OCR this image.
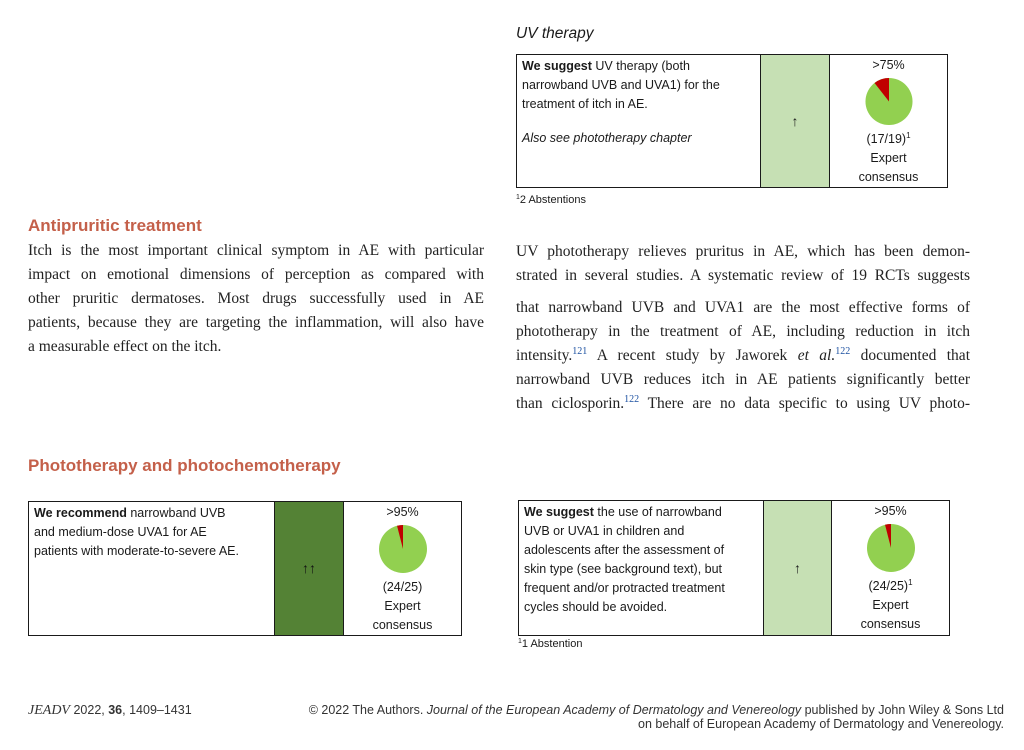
UV therapy
We suggest UV therapy (both
narrowband UVB and UVA1) for the
treatment of itch in AE.
Also see phototherapy chapter
↑
>75%
$(17/19)^1$
Expert
consensus
$^1$2 Abstentions
Antipruritic treatment
Itch is the most important clinical symptom in AE with particular
impact on emotional dimensions of perception as compared with
other pruritic dermatoses. Most drugs successfully used in AE
patients, because they are targeting the inflammation, will also have
a measurable effect on the itch.
UV phototherapy relieves pruritus in AE, which has been demon-
strated in several studies. A systematic review of 19 RCTs suggests
that narrowband UVB and UVA1 are the most effective forms of
phototherapy in the treatment of AE, including reduction in itch
intensity.$^{121}$ A recent study by Jaworek et al.$^{122}$ documented that
narrowband UVB reduces itch in AE patients significantly better
than ciclosporin.$^{122}$ There are no data specific to using UV photo-
Phototherapy and photochemotherapy
We recommend narrowband UVB
and medium-dose UVA1 for AE
patients with moderate-to-severe AE.
↑↑
>95%
(24/25)
Expert
consensus
We suggest the use of narrowband
UVB or UVA1 in children and
adolescents after the assessment of
skin type (see background text), but
frequent and/or protracted treatment
cycles should be avoided.
↑
>95%
$(24/25)^1$
Expert
consensus
$^1$1 Abstention
JEADV 2022, 36, 1409–1431	© 2022 The Authors. Journal of the European Academy of Dermatology and Venereology published by John Wiley & Sons Ltd
on behalf of European Academy of Dermatology and Venereology.
